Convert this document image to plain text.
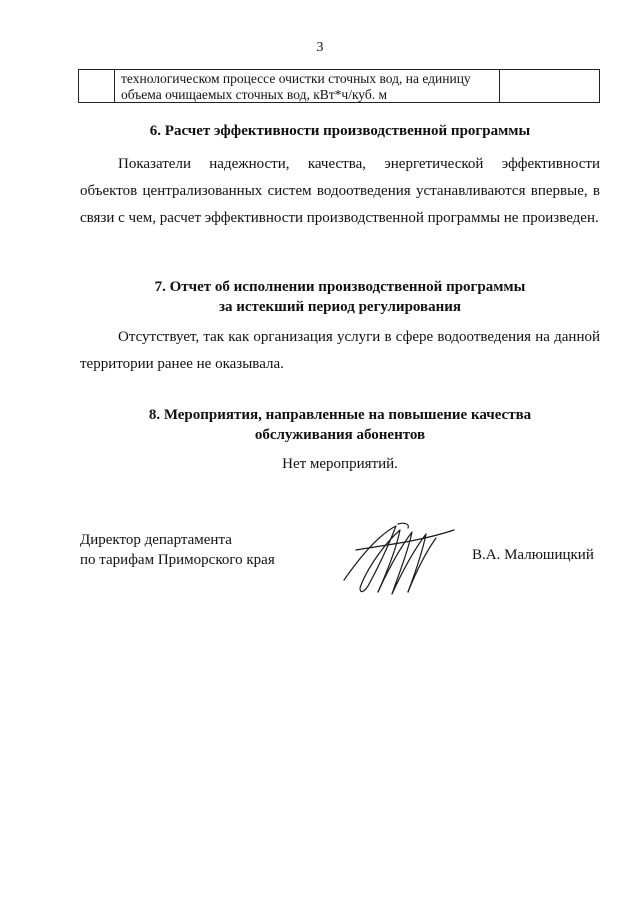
3
технологическом процессе очистки сточных вод, на единицу
объема очищаемых сточных вод, кВт*ч/куб. м
6. Расчет эффективности производственной программы
Показатели надежности, качества, энергетической эффективности объектов централизованных систем водоотведения устанавливаются впервые, в связи с чем, расчет эффективности производственной программы не произведен.
7. Отчет об исполнении производственной программы
за истекший период регулирования
Отсутствует, так как организация услуги в сфере водоотведения на данной территории ранее не оказывала.
8. Мероприятия, направленные на повышение качества
обслуживания абонентов
Нет мероприятий.
Директор департамента
по тарифам Приморского края	В.А. Малюшицкий
